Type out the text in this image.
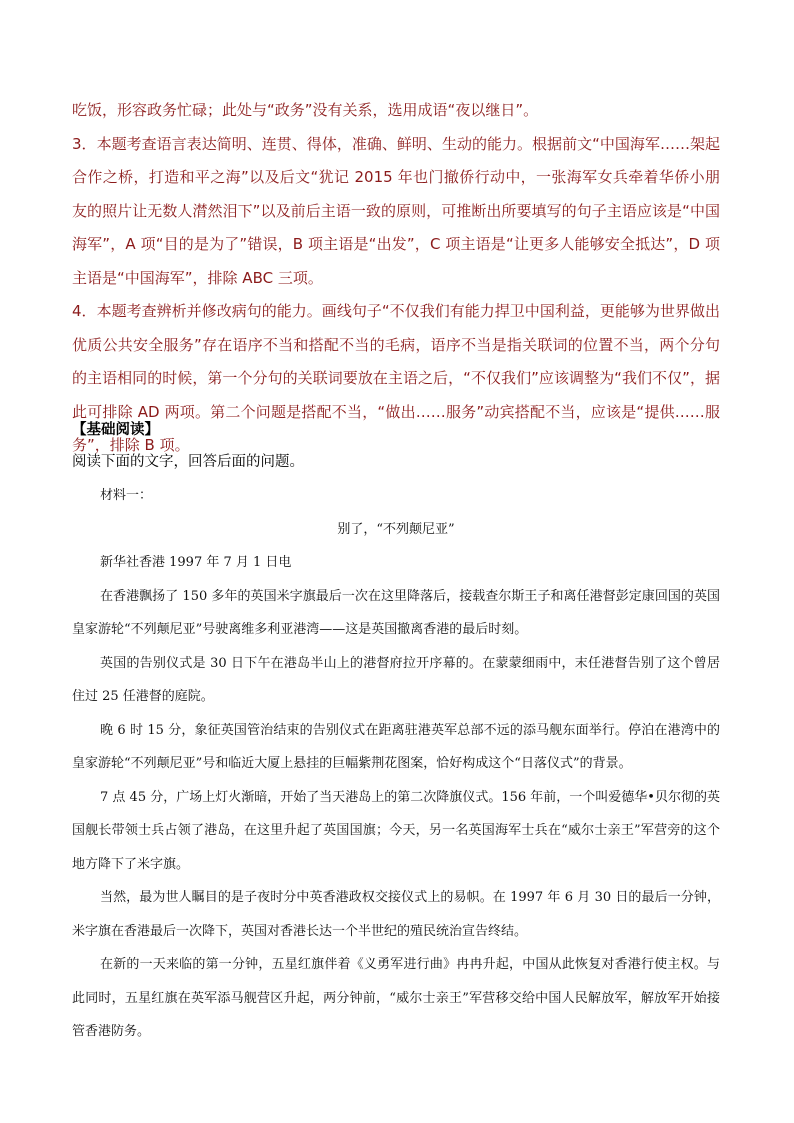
吃饭，形容政务忙碌；此处与“政务”没有关系，选用成语“夜以继日”。

3．本题考查语言表达简明、连贯、得体，准确、鲜明、生动的能力。根据前文“中国海军……架起合作之桥，打造和平之海”以及后文“犹记 2015 年也门撤侨行动中，一张海军女兵牵着华侨小朋友的照片让无数人潸然泪下”以及前后主语一致的原则，可推断出所要填写的句子主语应该是“中国海军”，A 项“目的是为了”错误，B 项主语是“出发”，C 项主语是“让更多人能够安全抵达”，D 项主语是“中国海军”，排除 ABC 三项。

4．本题考查辨析并修改病句的能力。画线句子“不仅我们有能力捍卫中国利益，更能够为世界做出优质公共安全服务”存在语序不当和搭配不当的毛病，语序不当是指关联词的位置不当，两个分句的主语相同的时候，第一个分句的关联词要放在主语之后，“不仅我们”应该调整为“我们不仅”，据此可排除 AD 两项。第二个问题是搭配不当，“做出……服务”动宾搭配不当，应该是“提供……服务”，排除 B 项。

【基础阅读】
阅读下面的文字，回答后面的问题。

材料一：

别了，“不列颠尼亚”

新华社香港 1997 年 7 月 1 日电

在香港飘扬了 150 多年的英国米字旗最后一次在这里降落后，接载查尔斯王子和离任港督彭定康回国的英国皇家游轮“不列颠尼亚”号驶离维多利亚港湾——这是英国撤离香港的最后时刻。

英国的告别仪式是 30 日下午在港岛半山上的港督府拉开序幕的。在蒙蒙细雨中，末任港督告别了这个曾居住过 25 任港督的庭院。

晚 6 时 15 分，象征英国管治结束的告别仪式在距离驻港英军总部不远的添马舰东面举行。停泊在港湾中的皇家游轮“不列颠尼亚”号和临近大厦上悬挂的巨幅紫荆花图案，恰好构成这个“日落仪式”的背景。

7 点 45 分，广场上灯火渐暗，开始了当天港岛上的第二次降旗仪式。156 年前，一个叫爱德华•贝尔彻的英国舰长带领士兵占领了港岛，在这里升起了英国国旗；今天，另一名英国海军士兵在“威尔士亲王”军营旁的这个地方降下了米字旗。

当然，最为世人瞩目的是子夜时分中英香港政权交接仪式上的易帜。在 1997 年 6 月 30 日的最后一分钟，米字旗在香港最后一次降下，英国对香港长达一个半世纪的殖民统治宣告终结。

在新的一天来临的第一分钟，五星红旗伴着《义勇军进行曲》冉冉升起，中国从此恢复对香港行使主权。与此同时，五星红旗在英军添马舰营区升起，两分钟前，“威尔士亲王”军营移交给中国人民解放军，解放军开始接管香港防务。
